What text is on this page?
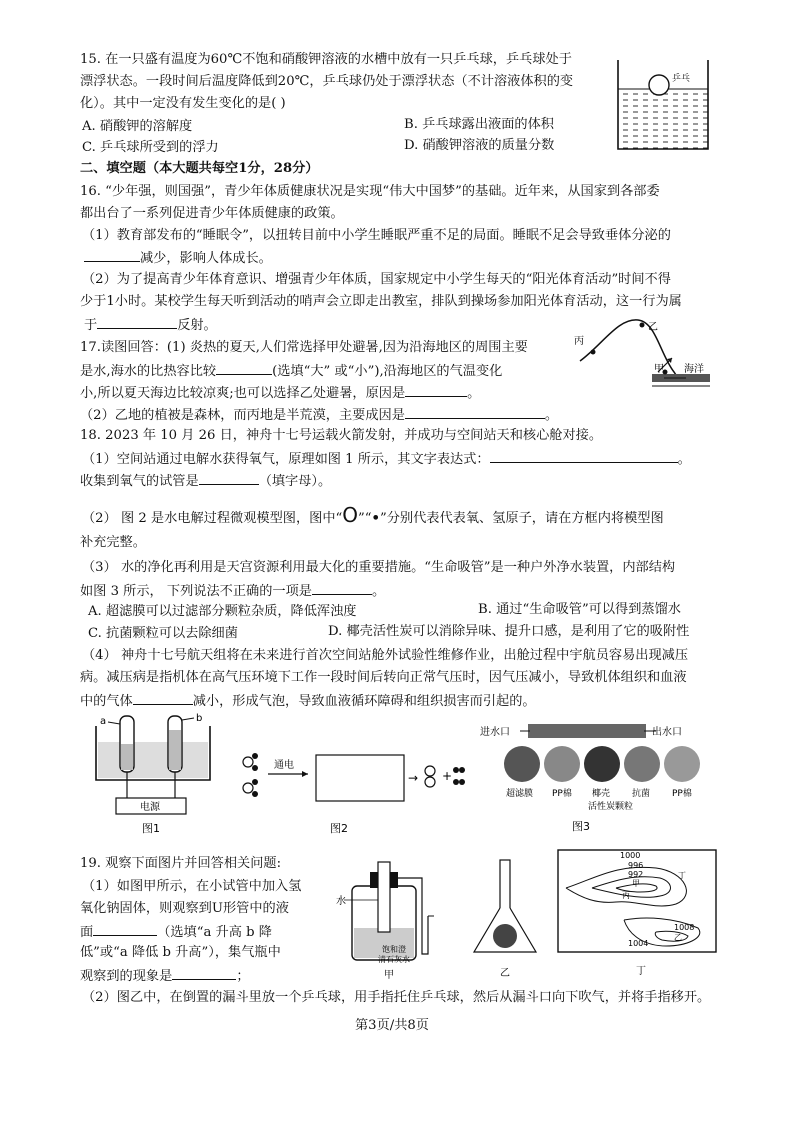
15. 在一只盛有温度为60℃不饱和硝酸钾溶液的水槽中放有一只乒乓球，乒乓球处于
漂浮状态。一段时间后温度降低到20℃，乒乓球仍处于漂浮状态（不计溶液体积的变
化）。其中一定没有发生变化的是( )
A. 硝酸钾的溶解度	B. 乒乓球露出液面的体积
C. 乒乓球所受到的浮力	D. 硝酸钾溶液的质量分数
乒乓
二、填空题（本大题共每空1分，28分）
16. “少年强，则国强”，青少年体质健康状况是实现“伟大中国梦”的基础。近年来，从国家到各部委
都出台了一系列促进青少年体质健康的政策。
（1）教育部发布的“睡眠令”，以扭转目前中小学生睡眠严重不足的局面。睡眠不足会导致垂体分泌的
减少，影响人体成长。
（2）为了提高青少年体育意识、增强青少年体质，国家规定中小学生每天的“阳光体育活动”时间不得
少于1小时。某校学生每天听到活动的哨声会立即走出教室，排队到操场参加阳光体育活动，这一行为属
于	反射。
17.读图回答：(1) 炎热的夏天,人们常选择甲处避暑,因为沿海地区的周围主要
是水,海水的比热容比较	(选填“大” 或“小”),沿海地区的气温变化
小,所以夏天海边比较凉爽;也可以选择乙处避暑，原因是	。
（2）乙地的植被是森林，而丙地是半荒漠，主要成因是	。
丙
乙
甲 海洋
18. 2023 年 10 月 26 日，神舟十七号运载火箭发射，并成功与空间站天和核心舱对接。
（1）空间站通过电解水获得氧气，原理如图 1 所示，其文字表达式：	。
收集到氧气的试管是	（填字母）。
（2） 图 2 是水电解过程微观模型图，图中“O”“•”分别代表代表氧、氢原子，请在方框内将模型图
补充完整。
（3） 水的净化再利用是天宫资源利用最大化的重要措施。“生命吸管”是一种户外净水装置，内部结构
如图 3 所示， 下列说法不正确的一项是	。
A. 超滤膜可以过滤部分颗粒杂质，降低浑浊度	B. 通过“生命吸管”可以得到蒸馏水
C. 抗菌颗粒可以去除细菌	D. 椰壳活性炭可以消除异味、提升口感，是利用了它的吸附性
（4） 神舟十七号航天组将在未来进行首次空间站舱外试验性维修作业，出舱过程中宇航员容易出现减压
病。减压病是指机体在高气压环境下工作一段时间后转向正常气压时，因气压减小，导致机体组织和血液
中的气体	减小，形成气泡，导致血液循环障碍和组织损害而引起的。
电源
a	b
图1
通电
→ +
图2
进水口	出水口
超滤膜 PP棉 椰壳 抗菌 PP棉
活性炭颗粒
图3
19. 观察下面图片并回答相关问题:
（1）如图甲所示，在小试管中加入氢
氧化钠固体，则观察到U形管中的液
面	（选填“a 升高 b 降
低”或“a 降低 b 升高”），集气瓶中
观察到的现象是	；
（2）图乙中，在倒置的漏斗里放一个乒乓球，用手指托住乒乓球，然后从漏斗口向下吹气，并将手指移开。
水
饱和澄
清石灰水
甲	乙
1000
996
992
甲
丙
丁
1008
乙
1004
丁
第3页/共8页
